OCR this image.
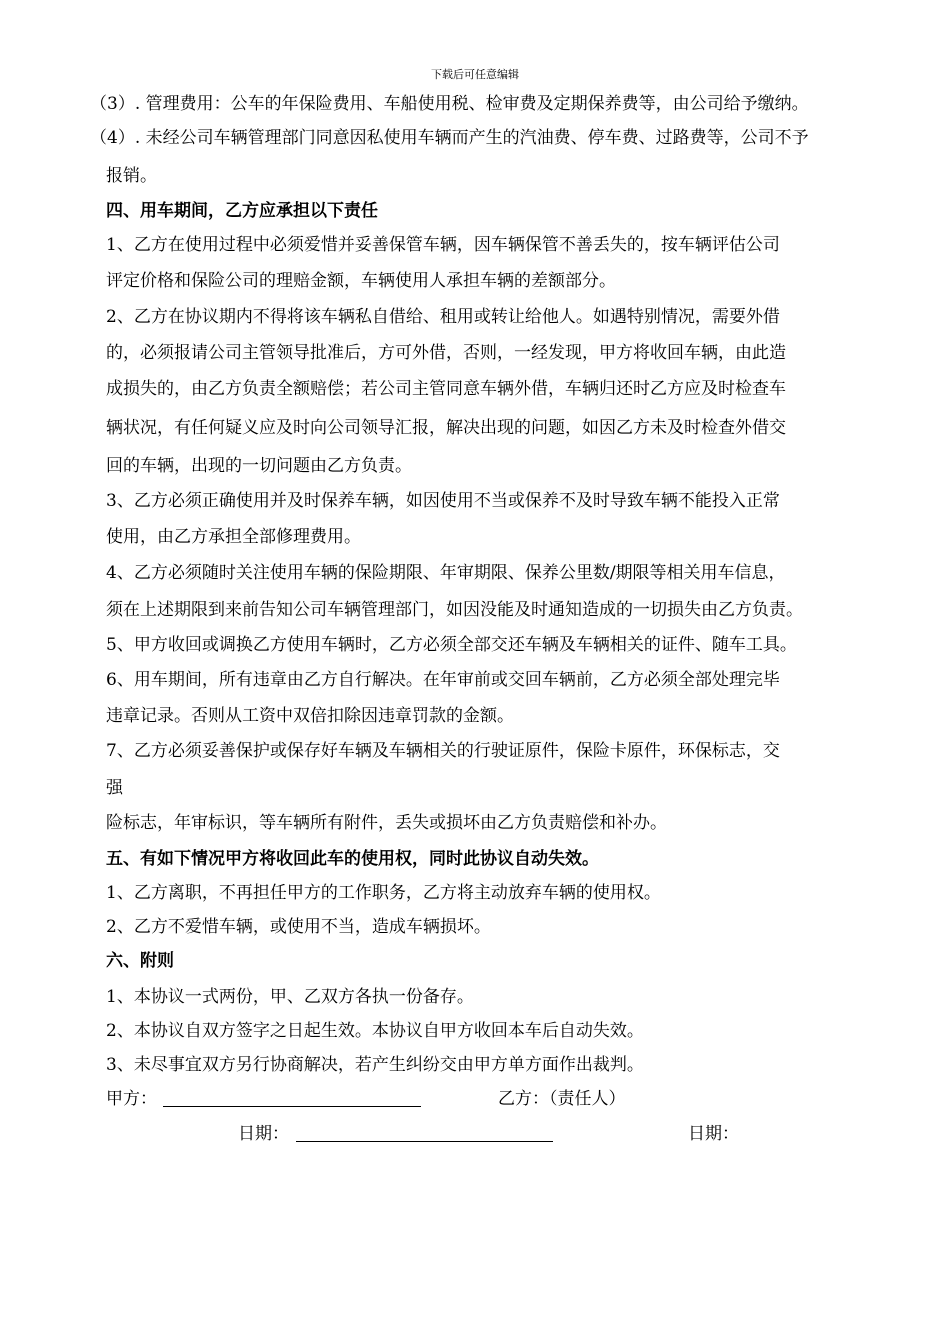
下载后可任意编辑
（3）. 管理费用：公车的年保险费用、车船使用税、检审费及定期保养费等，由公司给予缴纳。
（4）. 未经公司车辆管理部门同意因私使用车辆而产生的汽油费、停车费、过路费等，公司不予
报销。
四、用车期间，乙方应承担以下责任
1、乙方在使用过程中必须爱惜并妥善保管车辆，因车辆保管不善丢失的，按车辆评估公司
评定价格和保险公司的理赔金额，车辆使用人承担车辆的差额部分。
2、乙方在协议期内不得将该车辆私自借给、租用或转让给他人。如遇特别情况，需要外借
的，必须报请公司主管领导批准后，方可外借，否则，一经发现，甲方将收回车辆，由此造
成损失的，由乙方负责全额赔偿；若公司主管同意车辆外借，车辆归还时乙方应及时检查车
辆状况，有任何疑义应及时向公司领导汇报，解决出现的问题，如因乙方未及时检查外借交
回的车辆，出现的一切问题由乙方负责。
3、乙方必须正确使用并及时保养车辆，如因使用不当或保养不及时导致车辆不能投入正常
使用，由乙方承担全部修理费用。
4、乙方必须随时关注使用车辆的保险期限、年审期限、保养公里数/期限等相关用车信息，
须在上述期限到来前告知公司车辆管理部门，如因没能及时通知造成的一切损失由乙方负责。
5、甲方收回或调换乙方使用车辆时，乙方必须全部交还车辆及车辆相关的证件、随车工具。
6、用车期间，所有违章由乙方自行解决。在年审前或交回车辆前，乙方必须全部处理完毕
违章记录。否则从工资中双倍扣除因违章罚款的金额。
7、乙方必须妥善保护或保存好车辆及车辆相关的行驶证原件，保险卡原件，环保标志，交
强
险标志，年审标识，等车辆所有附件，丢失或损坏由乙方负责赔偿和补办。
五、有如下情况甲方将收回此车的使用权，同时此协议自动失效。
1、乙方离职，不再担任甲方的工作职务，乙方将主动放弃车辆的使用权。
2、乙方不爱惜车辆，或使用不当，造成车辆损坏。
六、附则
1、本协议一式两份，甲、乙双方各执一份备存。
2、本协议自双方签字之日起生效。本协议自甲方收回本车后自动失效。
3、未尽事宜双方另行协商解决，若产生纠纷交由甲方单方面作出裁判。
甲方：	乙方：（责任人）
日期：	日期：
